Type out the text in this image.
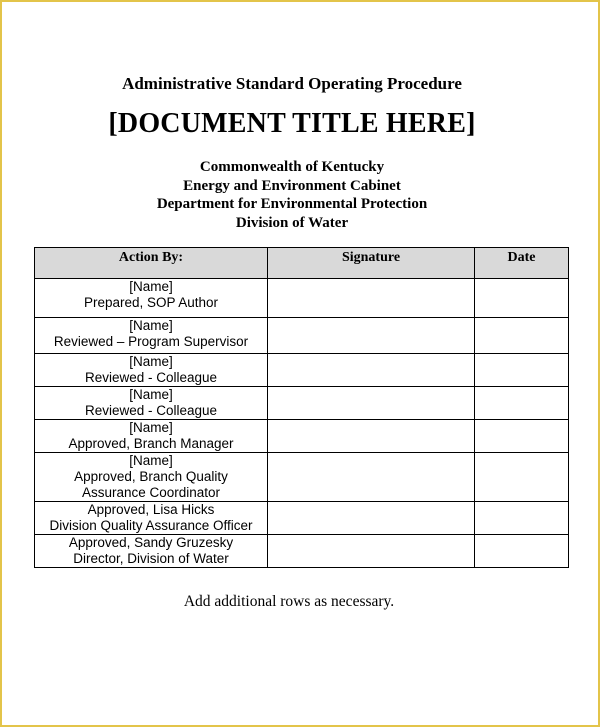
Administrative Standard Operating Procedure
[DOCUMENT TITLE HERE]
Commonwealth of Kentucky
Energy and Environment Cabinet
Department for Environmental Protection
Division of Water
Action By:	Signature	Date

[Name]
Prepared, SOP Author		

[Name]
Reviewed – Program Supervisor		

[Name]
Reviewed - Colleague		

[Name]
Reviewed - Colleague		

[Name]
Approved, Branch Manager		

[Name]
Approved, Branch Quality
Assurance Coordinator		

Approved, Lisa Hicks
Division Quality Assurance Officer		

Approved, Sandy Gruzesky
Director, Division of Water		

Add additional rows as necessary.
